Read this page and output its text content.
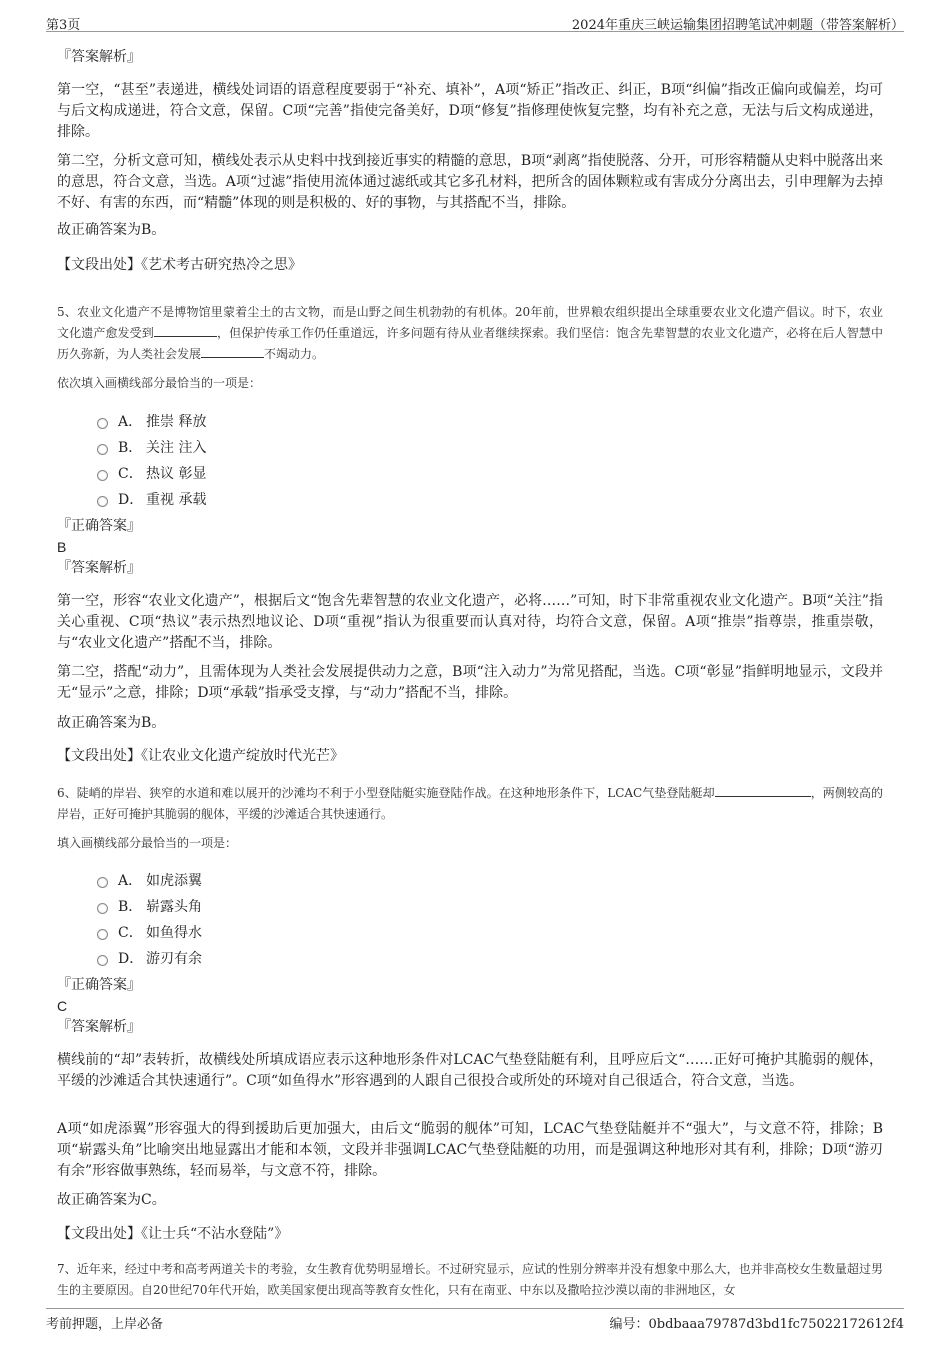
第3页	2024年重庆三峡运输集团招聘笔试冲刺题（带答案解析）
『答案解析』

第一空，“甚至”表递进，横线处词语的语意程度要弱于“补充、填补”，A项“矫正”指改正、纠正，B项“纠偏”指改正偏向或偏差，均可与后文构成递进，符合文意，保留。C项“完善”指使完备美好，D项“修复”指修理使恢复完整，均有补充之意，无法与后文构成递进，排除。

第二空，分析文意可知，横线处表示从史料中找到接近事实的精髓的意思，B项“剥离”指使脱落、分开，可形容精髓从史料中脱落出来的意思，符合文意，当选。A项“过滤”指使用流体通过滤纸或其它多孔材料，把所含的固体颗粒或有害成分分离出去，引申理解为去掉不好、有害的东西，而“精髓”体现的则是积极的、好的事物，与其搭配不当，排除。

故正确答案为B。
【文段出处】《艺术考古研究热冷之思》

5、农业文化遗产不是博物馆里蒙着尘土的古文物，而是山野之间生机勃勃的有机体。20年前，世界粮农组织提出全球重要农业文化遗产倡议。时下，农业文化遗产愈发受到	，但保护传承工作仍任重道远，许多问题有待从业者继续探索。我们坚信：饱含先辈智慧的农业文化遗产，必将在后人智慧中历久弥新，为人类社会发展	不竭动力。

依次填入画横线部分最恰当的一项是：
A． 推崇 释放
B． 关注 注入
C． 热议 彰显
D． 重视 承载
『正确答案』
B
『答案解析』

第一空，形容“农业文化遗产”，根据后文“饱含先辈智慧的农业文化遗产，必将……”可知，时下非常重视农业文化遗产。B项“关注”指关心重视、C项“热议”表示热烈地议论、D项“重视”指认为很重要而认真对待，均符合文意，保留。A项“推崇”指尊崇，推重崇敬，与“农业文化遗产”搭配不当，排除。

第二空，搭配“动力”，且需体现为人类社会发展提供动力之意，B项“注入动力”为常见搭配，当选。C项“彰显”指鲜明地显示，文段并无“显示”之意，排除；D项“承载”指承受支撑，与“动力”搭配不当，排除。

故正确答案为B。
【文段出处】《让农业文化遗产绽放时代光芒》

6、陡峭的岸岩、狭窄的水道和难以展开的沙滩均不利于小型登陆艇实施登陆作战。在这种地形条件下，LCAC气垫登陆艇却	，两侧较高的岸岩，正好可掩护其脆弱的舰体，平缓的沙滩适合其快速通行。

填入画横线部分最恰当的一项是：
A． 如虎添翼
B． 崭露头角
C． 如鱼得水
D． 游刃有余
『正确答案』
C
『答案解析』

横线前的“却”表转折，故横线处所填成语应表示这种地形条件对LCAC气垫登陆艇有利，且呼应后文“……正好可掩护其脆弱的舰体，平缓的沙滩适合其快速通行”。C项“如鱼得水”形容遇到的人跟自己很投合或所处的环境对自己很适合，符合文意，当选。

A项“如虎添翼”形容强大的得到援助后更加强大，由后文“脆弱的舰体”可知，LCAC气垫登陆艇并不“强大”，与文意不符，排除；B项“崭露头角”比喻突出地显露出才能和本领，文段并非强调LCAC气垫登陆艇的功用，而是强调这种地形对其有利，排除；D项“游刃有余”形容做事熟练，轻而易举，与文意不符，排除。

故正确答案为C。
【文段出处】《让士兵“不沾水登陆”》

7、近年来，经过中考和高考两道关卡的考验，女生教育优势明显增长。不过研究显示，应试的性别分辨率并没有想象中那么大，也并非高校女生数量超过男生的主要原因。自20世纪70年代开始，欧美国家便出现高等教育女性化，只有在南亚、中东以及撒哈拉沙漠以南的非洲地区，女

考前押题，上岸必备	编号：0bdbaaa79787d3bd1fc75022172612f4
